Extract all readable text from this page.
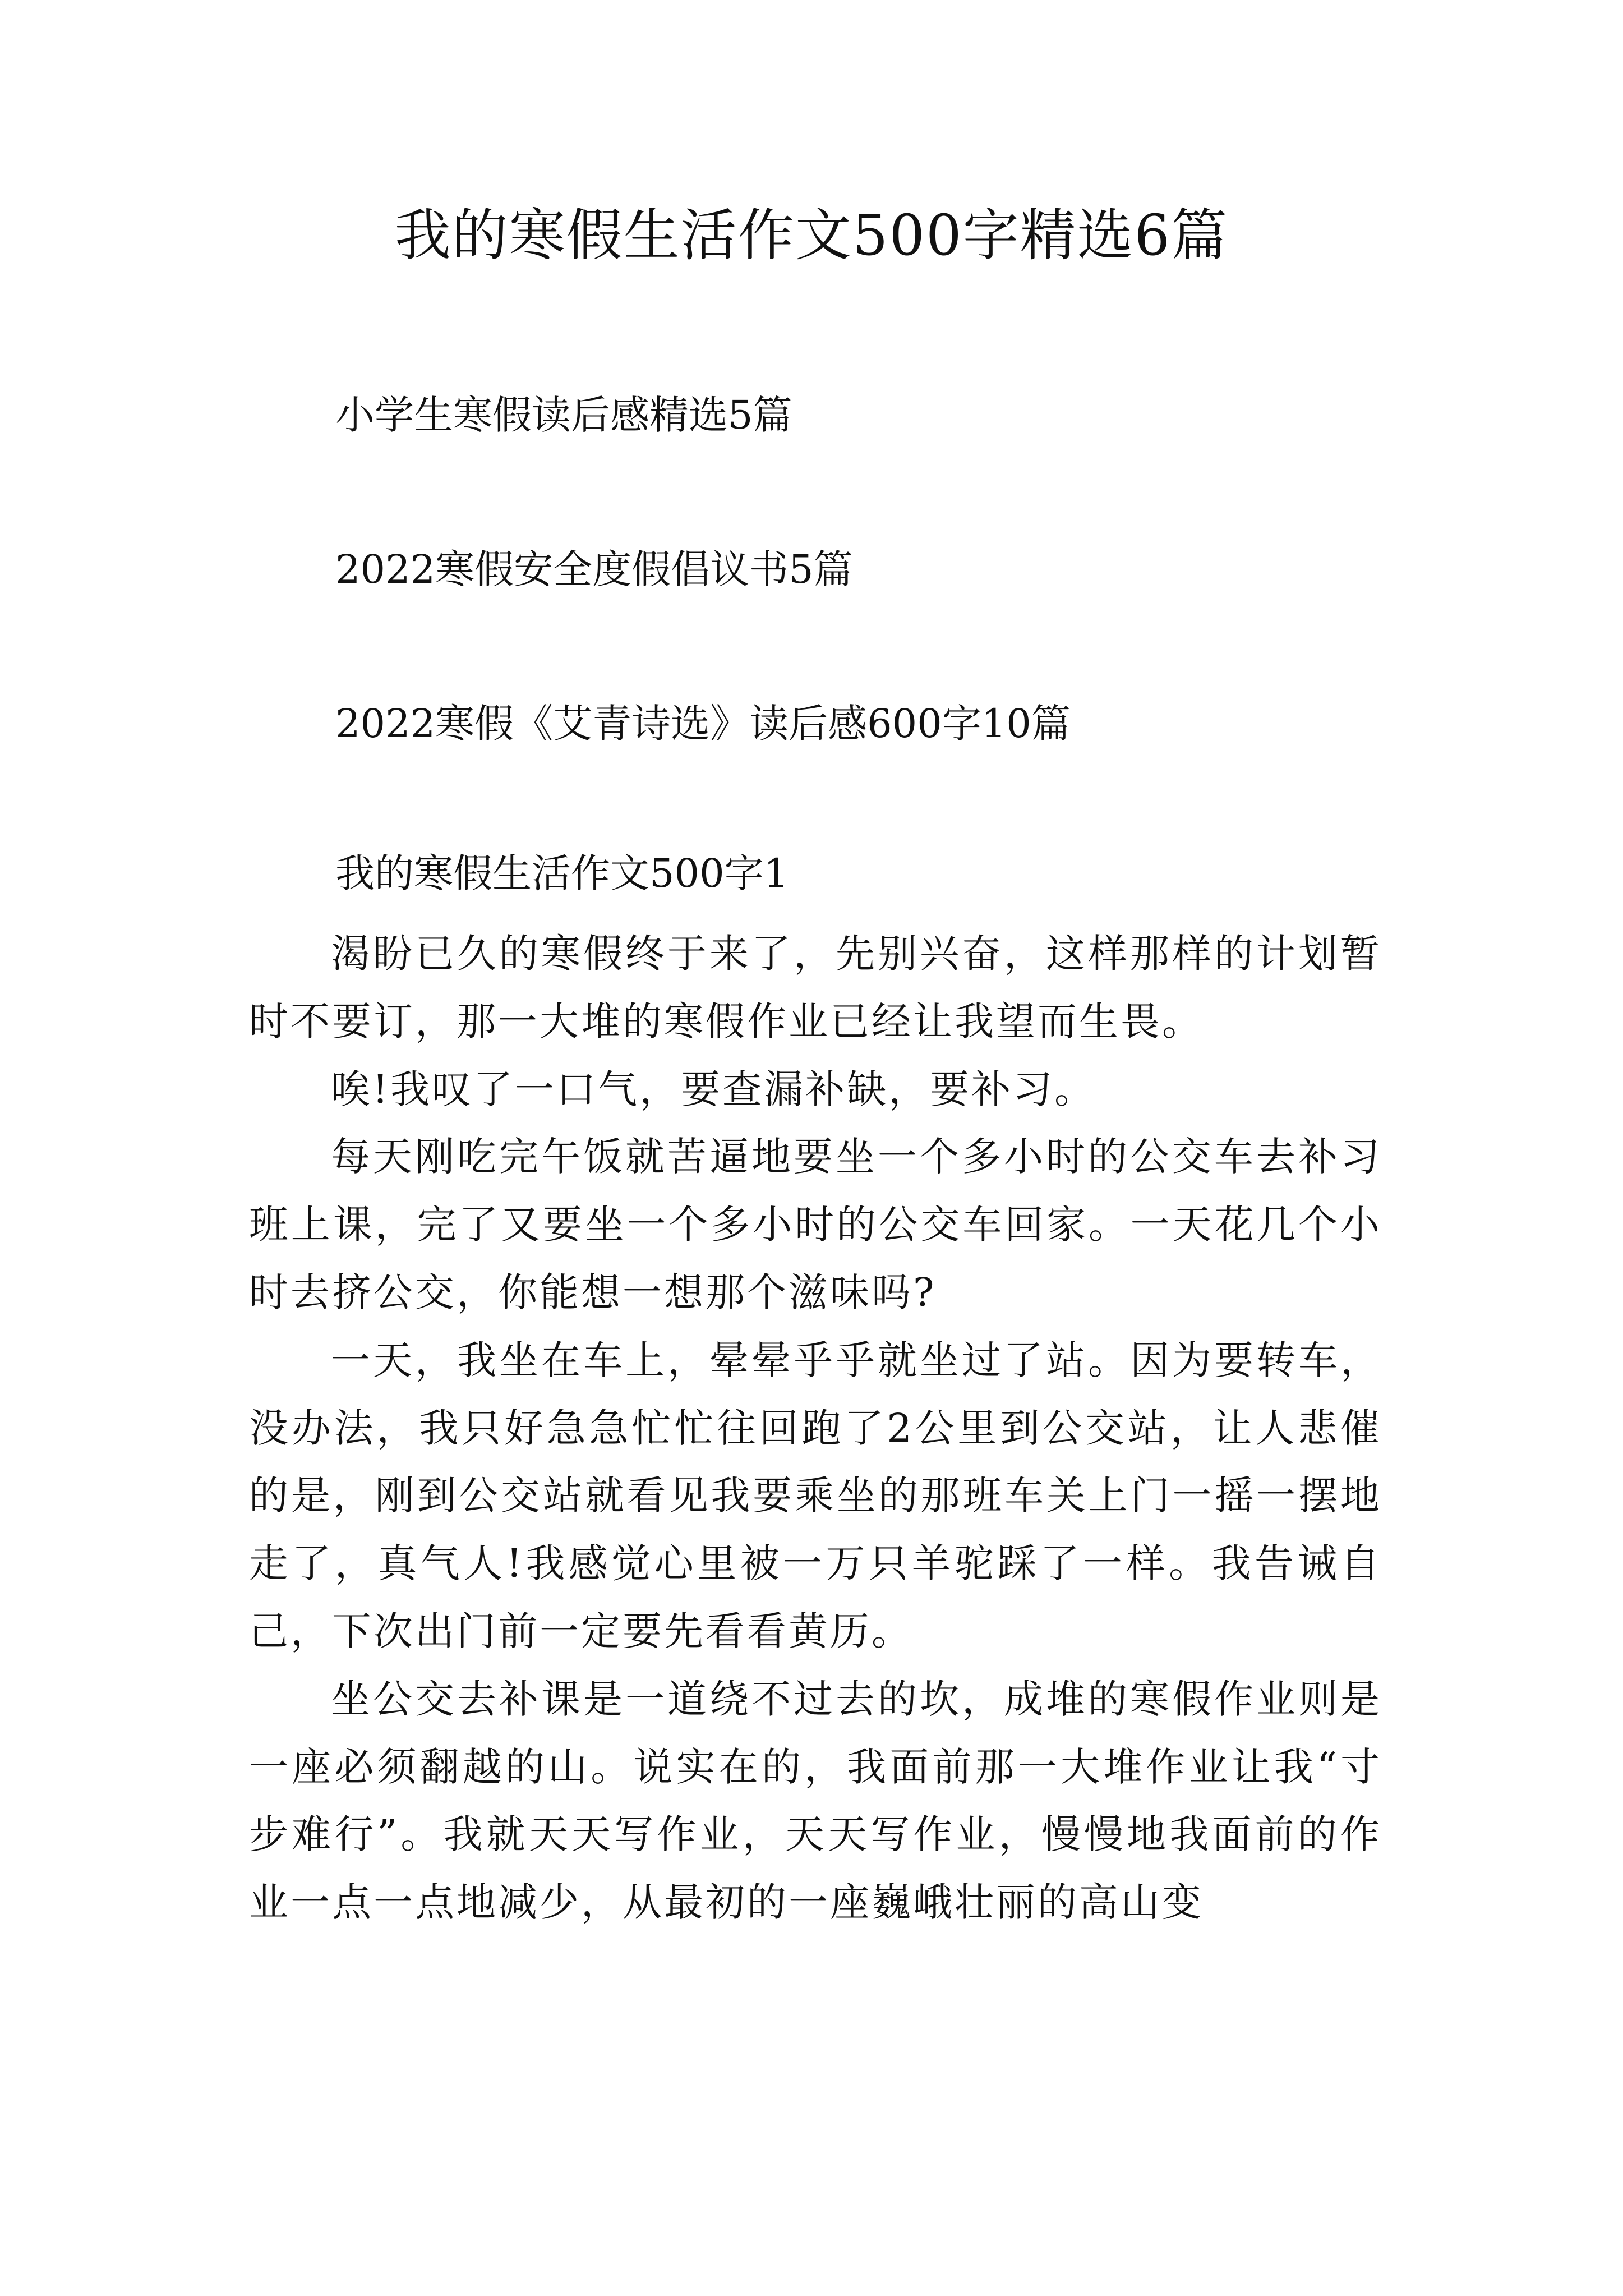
我的寒假生活作文500字精选6篇
小学生寒假读后感精选5篇
2022寒假安全度假倡议书5篇
2022寒假《艾青诗选》读后感600字10篇
我的寒假生活作文500字1

渴盼已久的寒假终于来了，先别兴奋，这样那样的计划暂时不要订，那一大堆的寒假作业已经让我望而生畏。

唉!我叹了一口气，要查漏补缺，要补习。

每天刚吃完午饭就苦逼地要坐一个多小时的公交车去补习班上课，完了又要坐一个多小时的公交车回家。一天花几个小时去挤公交，你能想一想那个滋味吗?

一天，我坐在车上，晕晕乎乎就坐过了站。因为要转车，没办法，我只好急急忙忙往回跑了2公里到公交站，让人悲催的是，刚到公交站就看见我要乘坐的那班车关上门一摇一摆地走了，真气人!我感觉心里被一万只羊驼踩了一样。我告诫自己，下次出门前一定要先看看黄历。

坐公交去补课是一道绕不过去的坎，成堆的寒假作业则是一座必须翻越的山。说实在的，我面前那一大堆作业让我“寸步难行”。我就天天写作业，天天写作业，慢慢地我面前的作业一点一点地减少，从最初的一座巍峨壮丽的高山变
